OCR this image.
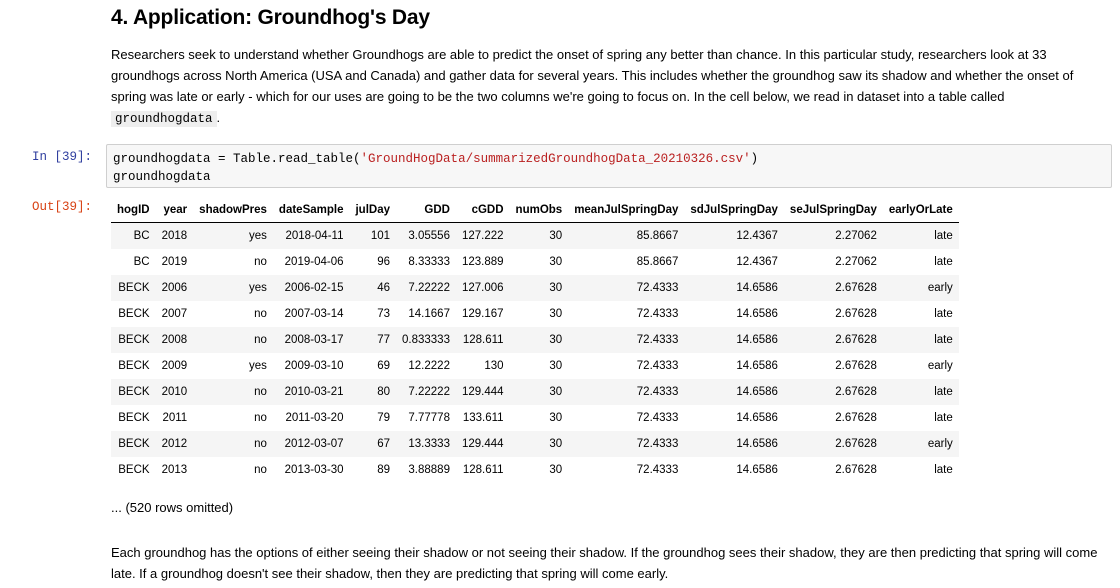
4. Application: Groundhog's Day

Researchers seek to understand whether Groundhogs are able to predict the onset of spring any better than chance. In this particular study, researchers look at 33 groundhogs across North America (USA and Canada) and gather data for several years. This includes whether the groundhog saw its shadow and whether the onset of spring was late or early - which for our uses are going to be the two columns we're going to focus on. In the cell below, we read in dataset into a table called groundhogdata .

In [39]:	groundhogdata = Table.read_table('GroundHogData/summarizedGroundhogData_20210326.csv')
groundhogdata
Out[39]:	hogID	year	shadowPres	dateSample	julDay	GDD	cGDD	numObs	meanJulSpringDay	sdJulSpringDay	seJulSpringDay	earlyOrLate
BC	2018	yes	2018-04-11	101	3.05556	127.222	30	85.8667	12.4367	2.27062	late
BC	2019	no	2019-04-06	96	8.33333	123.889	30	85.8667	12.4367	2.27062	late
BECK	2006	yes	2006-02-15	46	7.22222	127.006	30	72.4333	14.6586	2.67628	early
BECK	2007	no	2007-03-14	73	14.1667	129.167	30	72.4333	14.6586	2.67628	late
BECK	2008	no	2008-03-17	77	0.833333	128.611	30	72.4333	14.6586	2.67628	late
BECK	2009	yes	2009-03-10	69	12.2222	130	30	72.4333	14.6586	2.67628	early
BECK	2010	no	2010-03-21	80	7.22222	129.444	30	72.4333	14.6586	2.67628	late
BECK	2011	no	2011-03-20	79	7.77778	133.611	30	72.4333	14.6586	2.67628	late
BECK	2012	no	2012-03-07	67	13.3333	129.444	30	72.4333	14.6586	2.67628	early
BECK	2013	no	2013-03-30	89	3.88889	128.611	30	72.4333	14.6586	2.67628	late
... (520 rows omitted)

Each groundhog has the options of either seeing their shadow or not seeing their shadow. If the groundhog sees their shadow, they are then predicting that spring will come late. If a groundhog doesn't see their shadow, then they are predicting that spring will come early.
